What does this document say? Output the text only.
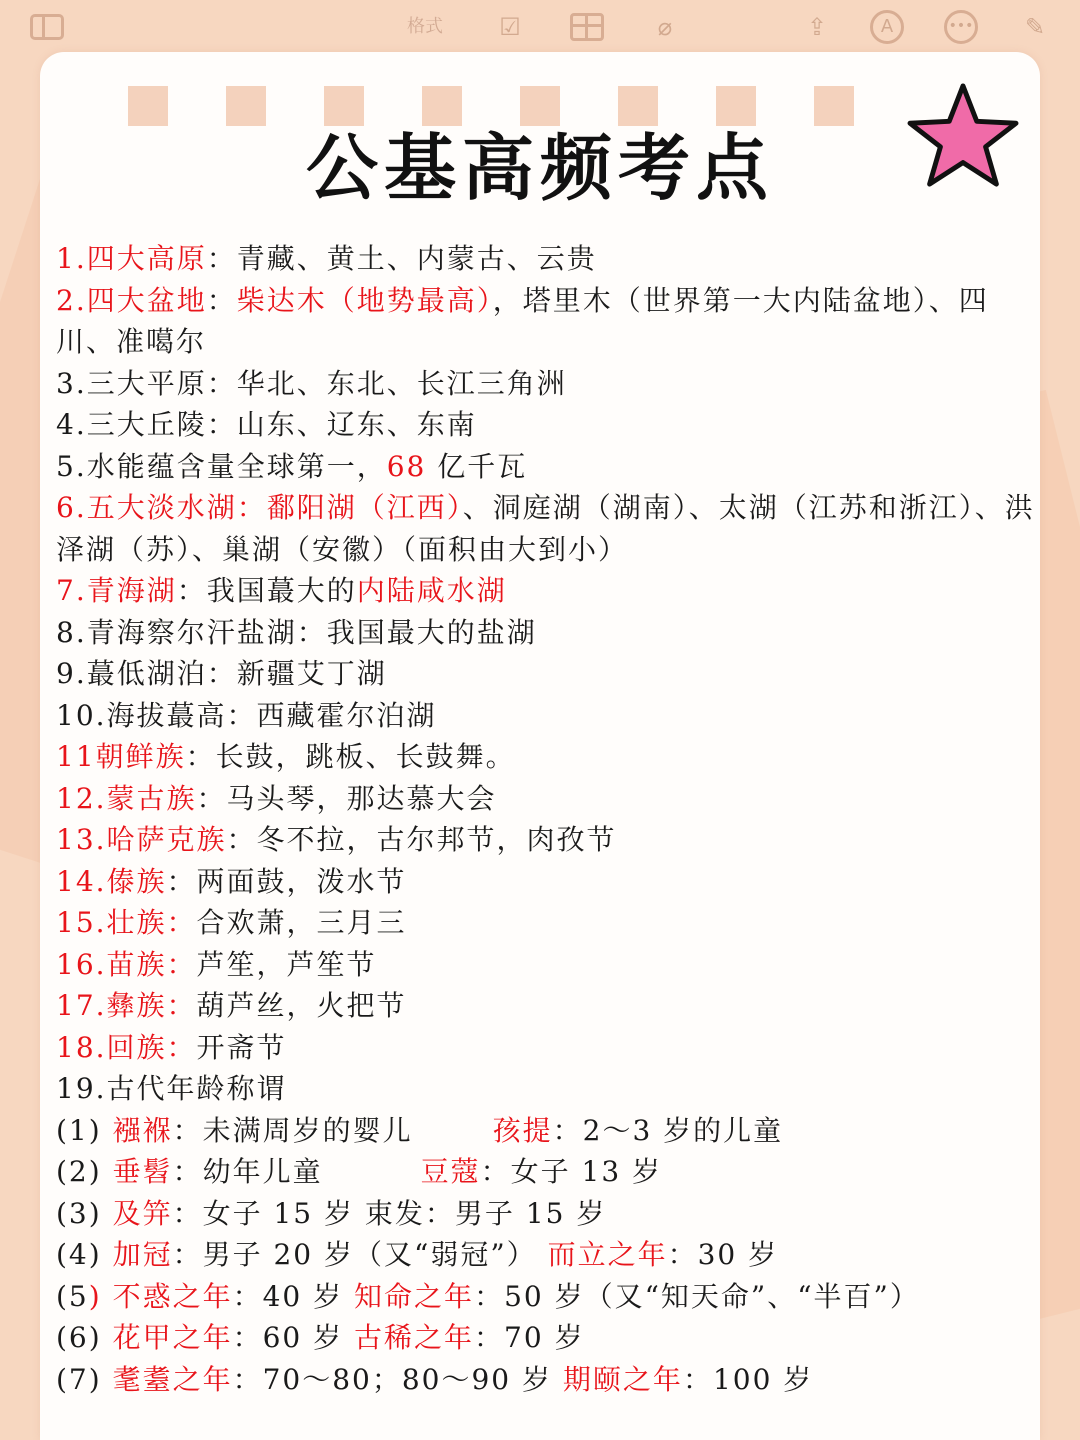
格式	☑	⌀	⇪	A	••• ✎
公基高频考点
1.四大高原：青藏、黄土、内蒙古、云贵
2.四大盆地：柴达木（地势最高），塔里木（世界第一大内陆盆地）、四川、准噶尔
3.三大平原：华北、东北、长江三角洲
4.三大丘陵：山东、辽东、东南
5.水能蕴含量全球第一，68 亿千瓦
6.五大淡水湖：鄱阳湖（江西）、洞庭湖（湖南）、太湖（江苏和浙江）、洪泽湖（苏）、巢湖（安徽）（面积由大到小）
7.青海湖：我国蕞大的内陆咸水湖
8.青海察尔汗盐湖：我国最大的盐湖
9.蕞低湖泊：新疆艾丁湖
10.海拔蕞高：西藏霍尔泊湖
11朝鲜族：长鼓，跳板、长鼓舞。
12.蒙古族：马头琴，那达慕大会
13.哈萨克族：冬不拉，古尔邦节，肉孜节
14.傣族：两面鼓，泼水节
15.壮族：合欢萧，三月三
16.苗族：芦笙，芦笙节
17.彝族：葫芦丝，火把节
18.回族：开斋节
19.古代年龄称谓
(1) 襁褓：未满周岁的婴儿	孩提：2～3 岁的儿童
(2) 垂髫：幼年儿童	豆蔻：女子 13 岁
(3) 及笄：女子 15 岁 束发：男子 15 岁
(4) 加冠：男子 20 岁（又“弱冠”） 而立之年：30 岁
(5) 不惑之年：40 岁 知命之年：50 岁（又“知天命”、“半百”）
(6) 花甲之年：60 岁 古稀之年：70 岁
(7) 耄耋之年：70～80；80～90 岁 期颐之年：100 岁
